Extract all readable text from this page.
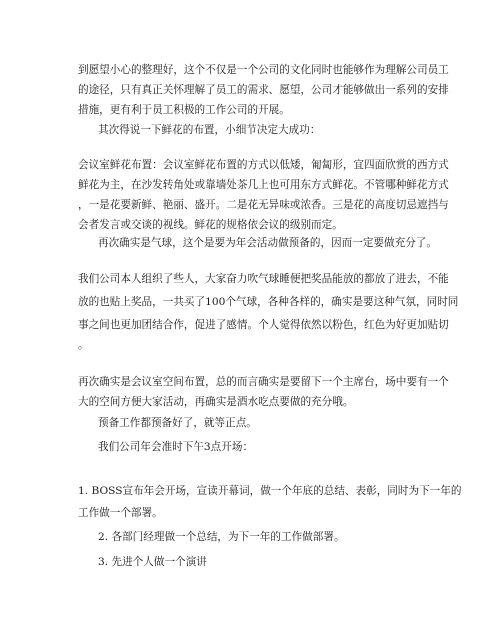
到愿望小心的整理好，这个不仅是一个公司的文化同时也能够作为理解公司员工
的途径，只有真正关怀理解了员工的需求、愿望，公司才能够做出一系列的安排
措施，更有利于员工积极的工作公司的开展。
其次得说一下鲜花的布置，小细节决定大成功：
会议室鲜花布置：会议室鲜花布置的方式以低矮，匍匐形，宜四面欣赏的西方式
鲜花为主，在沙发转角处或靠墙处茶几上也可用东方式鲜花。不管哪种鲜花方式
，一是花要新鲜、艳丽、盛开。二是花无异味或浓香。三是花的高度切忌遮挡与
会者发言或交谈的视线。鲜花的规格依会议的级别而定。
再次确实是气球，这个是要为年会活动做预备的，因而一定要做充分了。
我们公司本人组织了些人，大家奋力吹气球睡便把奖品能放的都放了进去，不能
放的也贴上奖品，一共买了100个气球，各种各样的，确实是要这种气氛，同时同
事之间也更加团结合作，促进了感情。个人觉得依然以粉色，红色为好更加贴切
。
再次确实是会议室空间布置，总的而言确实是要留下一个主席台，场中要有一个
大的空间方便大家活动，再确实是酒水吃点要做的充分哦。
预备工作都预备好了，就等正点。
我们公司年会准时下午3点开场：
1. BOSS宣布年会开场，宣读开幕词，做一个年底的总结、表彰，同时为下一年的
工作做一个部署。
2. 各部门经理做一个总结，为下一年的工作做部署。
3. 先进个人做一个演讲
